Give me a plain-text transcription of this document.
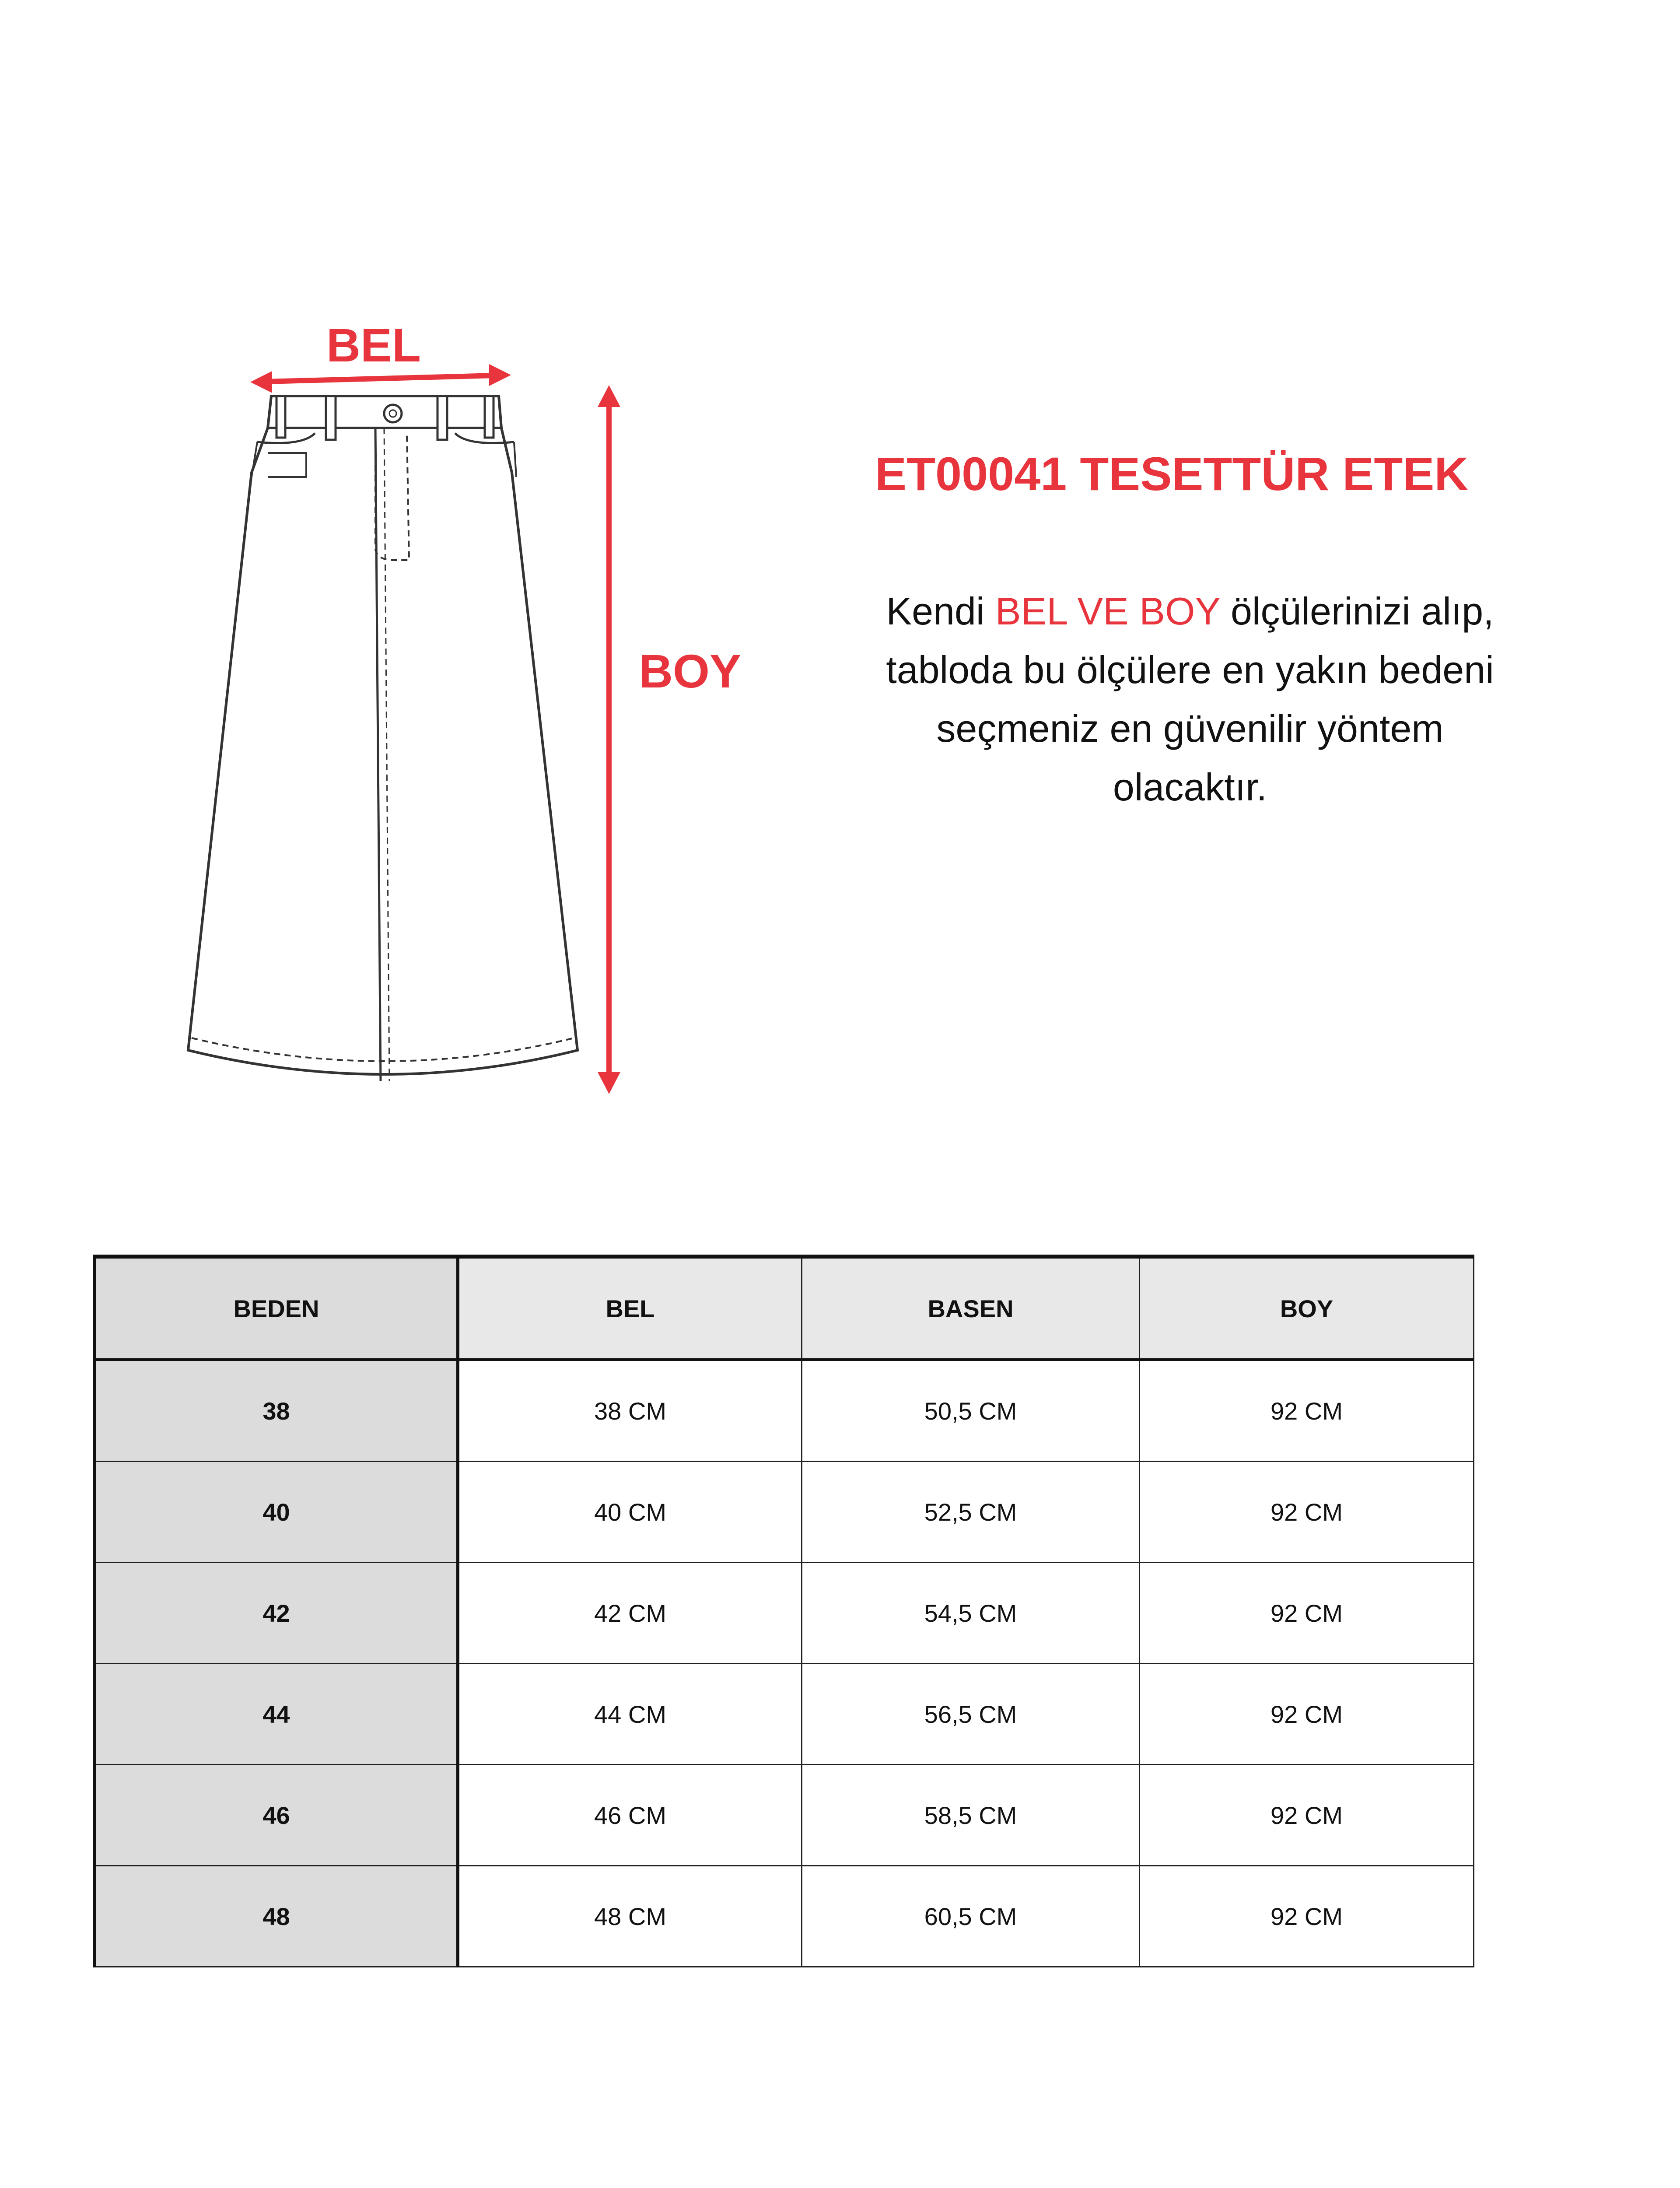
BEL
BOY
ET00041 TESETTÜR ETEK
Kendi BEL VE BOY ölçülerinizi alıp, tabloda bu ölçülere en yakın bedeni seçmeniz en güvenilir yöntem olacaktır.
BEDEN	BEL	BASEN	BOY
38	38 CM	50,5 CM	92 CM
40	40 CM	52,5 CM	92 CM
42	42 CM	54,5 CM	92 CM
44	44 CM	56,5 CM	92 CM
46	46 CM	58,5 CM	92 CM
48	48 CM	60,5 CM	92 CM
